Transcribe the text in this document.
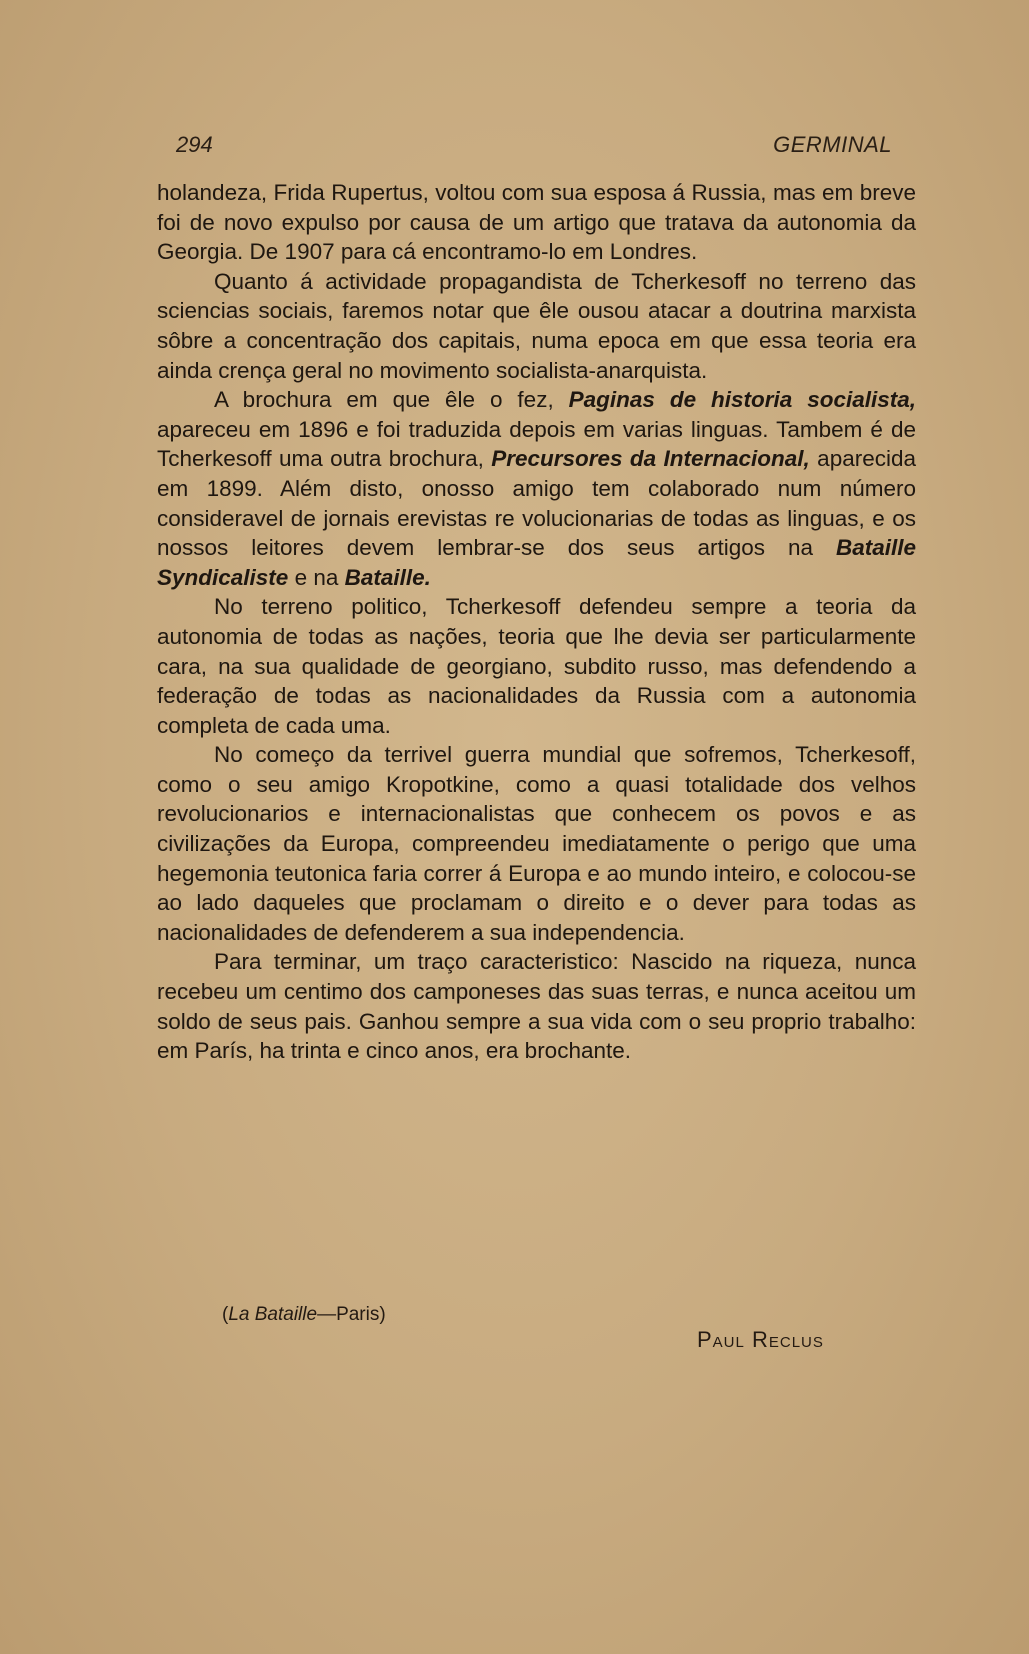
294	GERMINAL

holandeza, Frida Rupertus, voltou com sua esposa á Russia, mas em breve foi de novo expulso por causa de um artigo que tratava da autonomia da Georgia. De 1907 para cá encontramo-lo em Londres.

Quanto á actividade propagandista de Tcherkesoff no terreno das sciencias sociais, faremos notar que êle ousou atacar a doutrina marxista sôbre a concentração dos capitais, numa epoca em que essa teoria era ainda crença geral no movimento socialista-anarquista.

A brochura em que êle o fez, Paginas de historia socialista, apareceu em 1896 e foi traduzida depois em varias linguas. Tambem é de Tcherkesoff uma outra brochura, Precursores da Internacional, aparecida em 1899. Além disto, onosso amigo tem colaborado num número consideravel de jornais erevistas re volucionarias de todas as linguas, e os nossos leitores devem lembrar-se dos seus artigos na Bataille Syndicaliste e na Bataille.

No terreno politico, Tcherkesoff defendeu sempre a teoria da autonomia de todas as nações, teoria que lhe devia ser particularmente cara, na sua qualidade de georgiano, subdito russo, mas defendendo a federação de todas as nacionalidades da Russia com a autonomia completa de cada uma.

No começo da terrivel guerra mundial que sofremos, Tcherkesoff, como o seu amigo Kropotkine, como a quasi totalidade dos velhos revolucionarios e internacionalistas que conhecem os povos e as civilizações da Europa, compreendeu imediatamente o perigo que uma hegemonia teutonica faria correr á Europa e ao mundo inteiro, e colocou-se ao lado daqueles que proclamam o direito e o dever para todas as nacionalidades de defenderem a sua independencia.

Para terminar, um traço caracteristico: Nascido na riqueza, nunca recebeu um centimo dos camponeses das suas terras, e nunca aceitou um soldo de seus pais. Ganhou sempre a sua vida com o seu proprio trabalho: em París, ha trinta e cinco anos, era brochante.

(La Bataille—Paris)
Paul Reclus
